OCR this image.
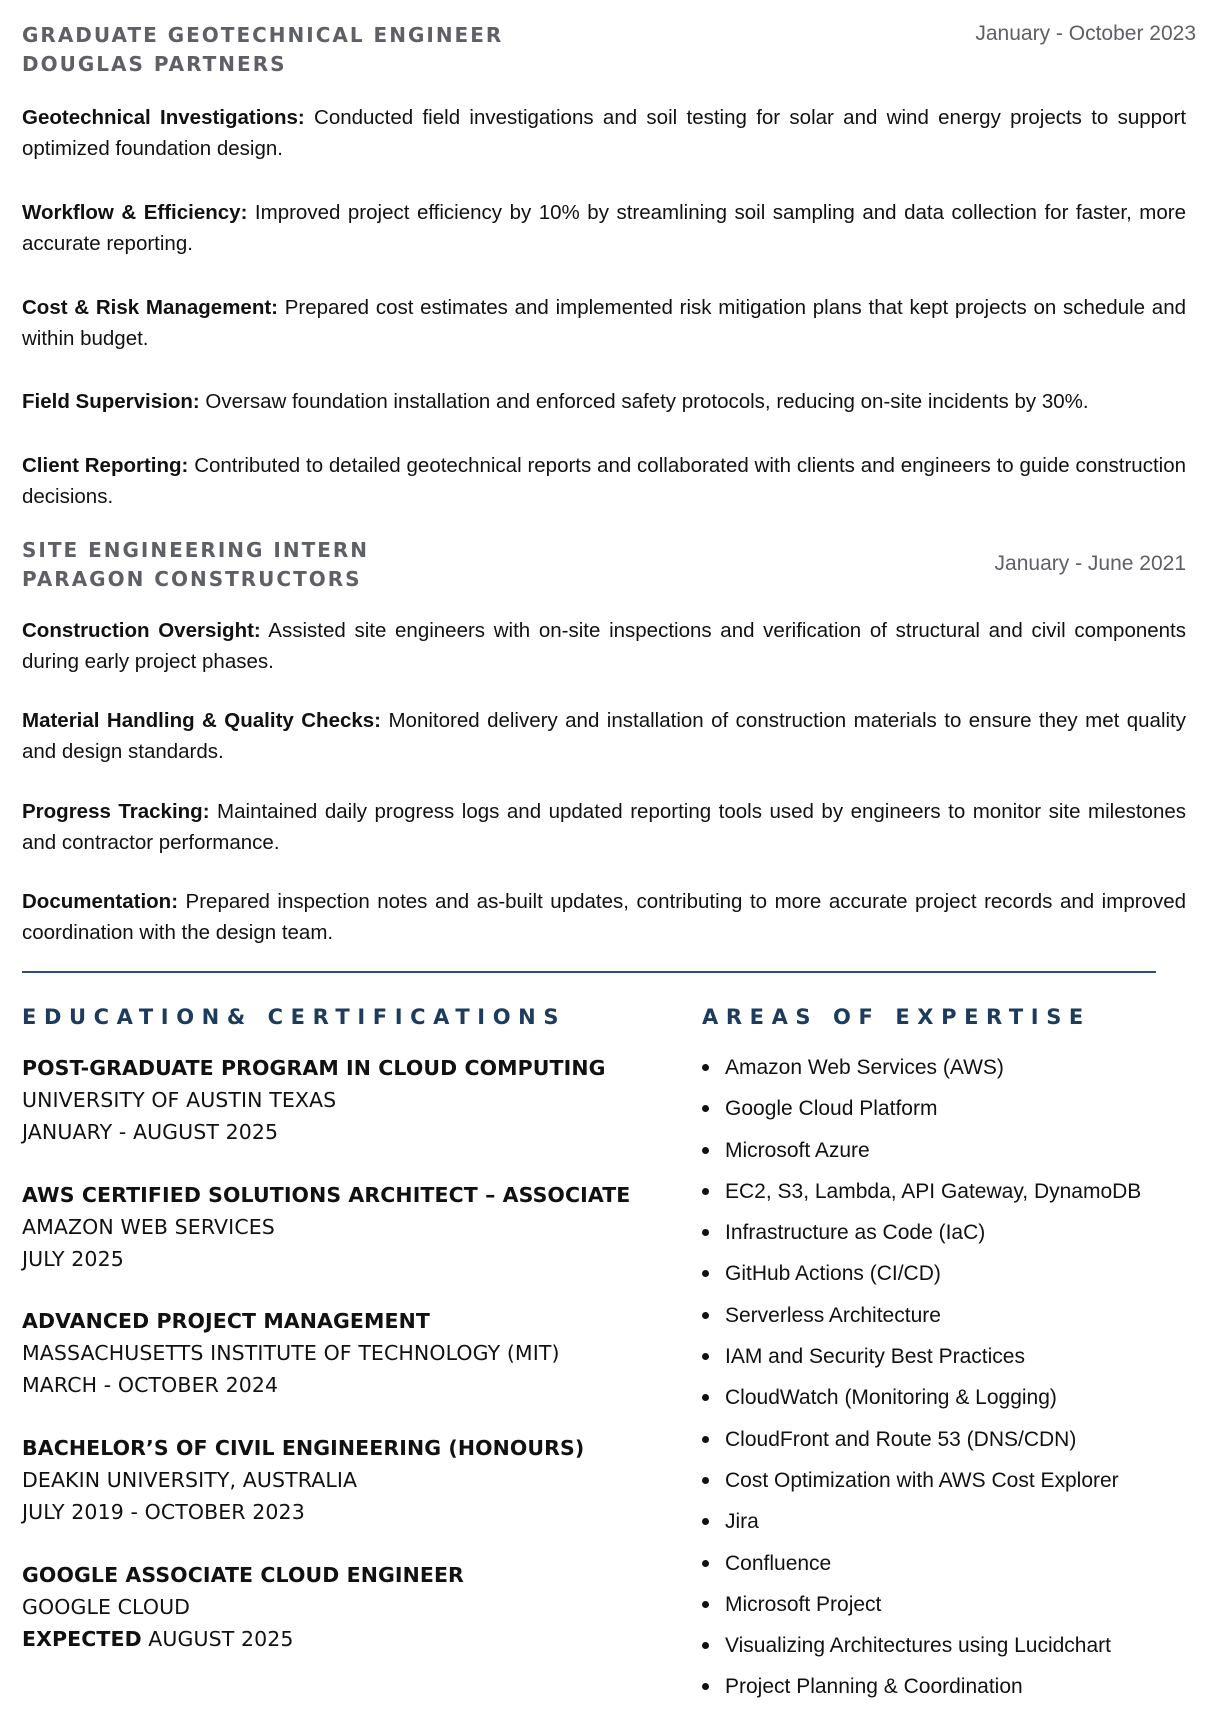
GRADUATE GEOTECHNICAL ENGINEER
DOUGLAS PARTNERS
January - October 2023

Geotechnical Investigations: Conducted field investigations and soil testing for solar and wind energy projects to support optimized foundation design.

Workflow & Efficiency: Improved project efficiency by 10% by streamlining soil sampling and data collection for faster, more accurate reporting.

Cost & Risk Management: Prepared cost estimates and implemented risk mitigation plans that kept projects on schedule and within budget.

Field Supervision: Oversaw foundation installation and enforced safety protocols, reducing on-site incidents by 30%.

Client Reporting: Contributed to detailed geotechnical reports and collaborated with clients and engineers to guide construction decisions.

SITE ENGINEERING INTERN
PARAGON CONSTRUCTORS
January - June 2021

Construction Oversight: Assisted site engineers with on-site inspections and verification of structural and civil components during early project phases.

Material Handling & Quality Checks: Monitored delivery and installation of construction materials to ensure they met quality and design standards.

Progress Tracking: Maintained daily progress logs and updated reporting tools used by engineers to monitor site milestones and contractor performance.

Documentation: Prepared inspection notes and as-built updates, contributing to more accurate project records and improved coordination with the design team.

EDUCATION& CERTIFICATIONS
POST-GRADUATE PROGRAM IN CLOUD COMPUTING
UNIVERSITY OF AUSTIN TEXAS
JANUARY - AUGUST 2025
AWS CERTIFIED SOLUTIONS ARCHITECT – ASSOCIATE
AMAZON WEB SERVICES
JULY 2025
ADVANCED PROJECT MANAGEMENT
MASSACHUSETTS INSTITUTE OF TECHNOLOGY (MIT)
MARCH - OCTOBER 2024
BACHELOR’S OF CIVIL ENGINEERING (HONOURS)
DEAKIN UNIVERSITY, AUSTRALIA
JULY 2019 - OCTOBER 2023
GOOGLE ASSOCIATE CLOUD ENGINEER
GOOGLE CLOUD
EXPECTED AUGUST 2025
AREAS OF EXPERTISE
Amazon Web Services (AWS)
Google Cloud Platform
Microsoft Azure
EC2, S3, Lambda, API Gateway, DynamoDB
Infrastructure as Code (IaC)
GitHub Actions (CI/CD)
Serverless Architecture
IAM and Security Best Practices
CloudWatch (Monitoring & Logging)
CloudFront and Route 53 (DNS/CDN)
Cost Optimization with AWS Cost Explorer
Jira
Confluence
Microsoft Project
Visualizing Architectures using Lucidchart
Project Planning & Coordination
